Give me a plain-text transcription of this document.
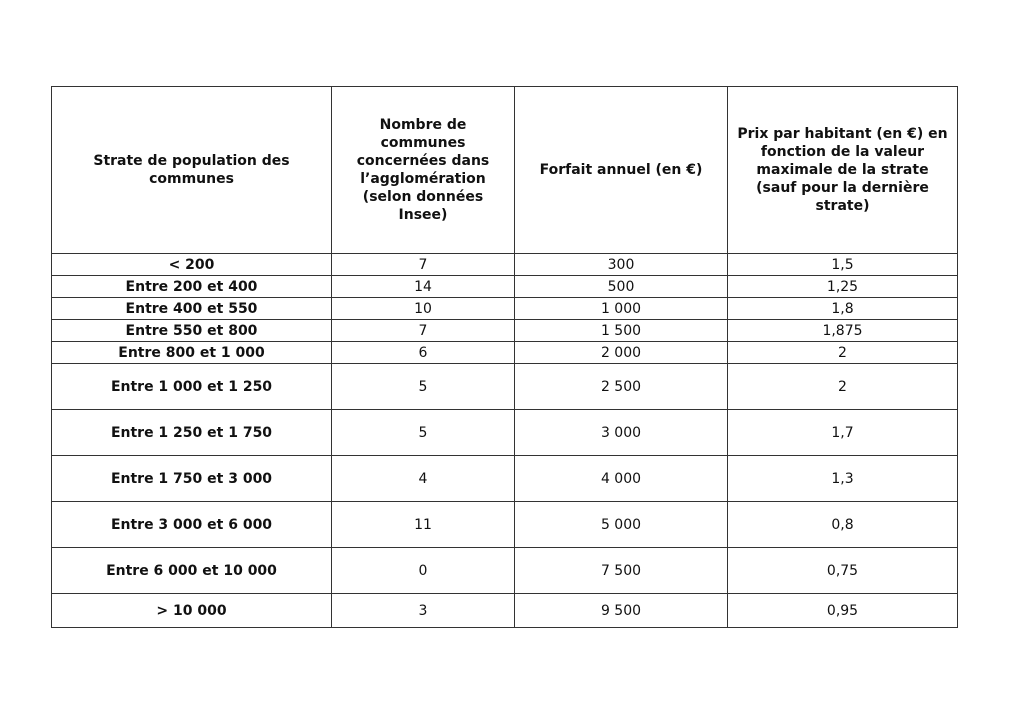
Strate de population des communes	Nombre de communes concernées dans l’agglomération (selon données Insee)	Forfait annuel (en €)	Prix par habitant (en €) en fonction de la valeur maximale de la strate (sauf pour la dernière strate)
< 200	7	300	1,5
Entre 200 et 400	14	500	1,25
Entre 400 et 550	10	1 000	1,8
Entre 550 et 800	7	1 500	1,875
Entre 800 et 1 000	6	2 000	2
Entre 1 000 et 1 250	5	2 500	2
Entre 1 250 et 1 750	5	3 000	1,7
Entre 1 750 et 3 000	4	4 000	1,3
Entre 3 000 et 6 000	11	5 000	0,8
Entre 6 000 et 10 000	0	7 500	0,75
> 10 000	3	9 500	0,95
